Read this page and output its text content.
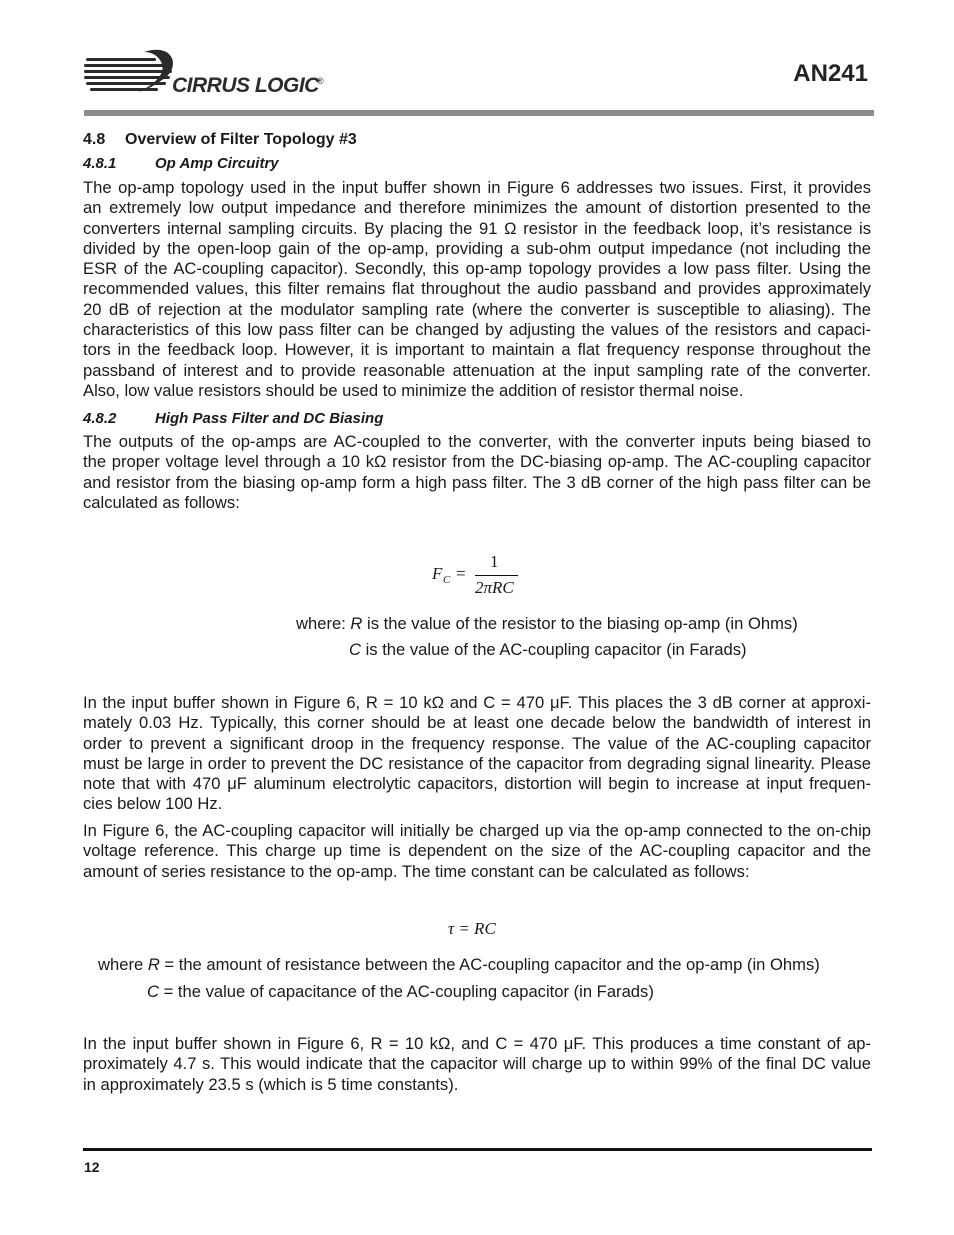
CIRRUS LOGIC
®	AN241
4.8 Overview of Filter Topology #3
4.8.1	Op Amp Circuitry
The op-amp topology used in the input buffer shown in Figure 6 addresses two issues. First, it provides
an extremely low output impedance and therefore minimizes the amount of distortion presented to the
converters internal sampling circuits. By placing the 91 Ω resistor in the feedback loop, it’s resistance is
divided by the open-loop gain of the op-amp, providing a sub-ohm output impedance (not including the
ESR of the AC-coupling capacitor). Secondly, this op-amp topology provides a low pass filter. Using the
recommended values, this filter remains flat throughout the audio passband and provides approximately
20 dB of rejection at the modulator sampling rate (where the converter is susceptible to aliasing). The
characteristics of this low pass filter can be changed by adjusting the values of the resistors and capaci-
tors in the feedback loop. However, it is important to maintain a flat frequency response throughout the
passband of interest and to provide reasonable attenuation at the input sampling rate of the converter.
Also, low value resistors should be used to minimize the addition of resistor thermal noise.
4.8.2	High Pass Filter and DC Biasing
The outputs of the op-amps are AC-coupled to the converter, with the converter inputs being biased to
the proper voltage level through a 10 kΩ resistor from the DC-biasing op-amp. The AC-coupling capacitor
and resistor from the biasing op-amp form a high pass filter. The 3 dB corner of the high pass filter can be
calculated as follows:
F C =
1
2πRC
where: R is the value of the resistor to the biasing op-amp (in Ohms)
C is the value of the AC-coupling capacitor (in Farads)
In the input buffer shown in Figure 6, R = 10 kΩ and C = 470 μF. This places the 3 dB corner at approxi-
mately 0.03 Hz. Typically, this corner should be at least one decade below the bandwidth of interest in
order to prevent a significant droop in the frequency response. The value of the AC-coupling capacitor
must be large in order to prevent the DC resistance of the capacitor from degrading signal linearity. Please
note that with 470 μF aluminum electrolytic capacitors, distortion will begin to increase at input frequen-
cies below 100 Hz.
In Figure 6, the AC-coupling capacitor will initially be charged up via the op-amp connected to the on-chip
voltage reference. This charge up time is dependent on the size of the AC-coupling capacitor and the
amount of series resistance to the op-amp. The time constant can be calculated as follows:
τ = RC
where R = the amount of resistance between the AC-coupling capacitor and the op-amp (in Ohms)
C = the value of capacitance of the AC-coupling capacitor (in Farads)
In the input buffer shown in Figure 6, R = 10 kΩ, and C = 470 μF. This produces a time constant of ap-
proximately 4.7 s. This would indicate that the capacitor will charge up to within 99% of the final DC value
in approximately 23.5 s (which is 5 time constants).
12
